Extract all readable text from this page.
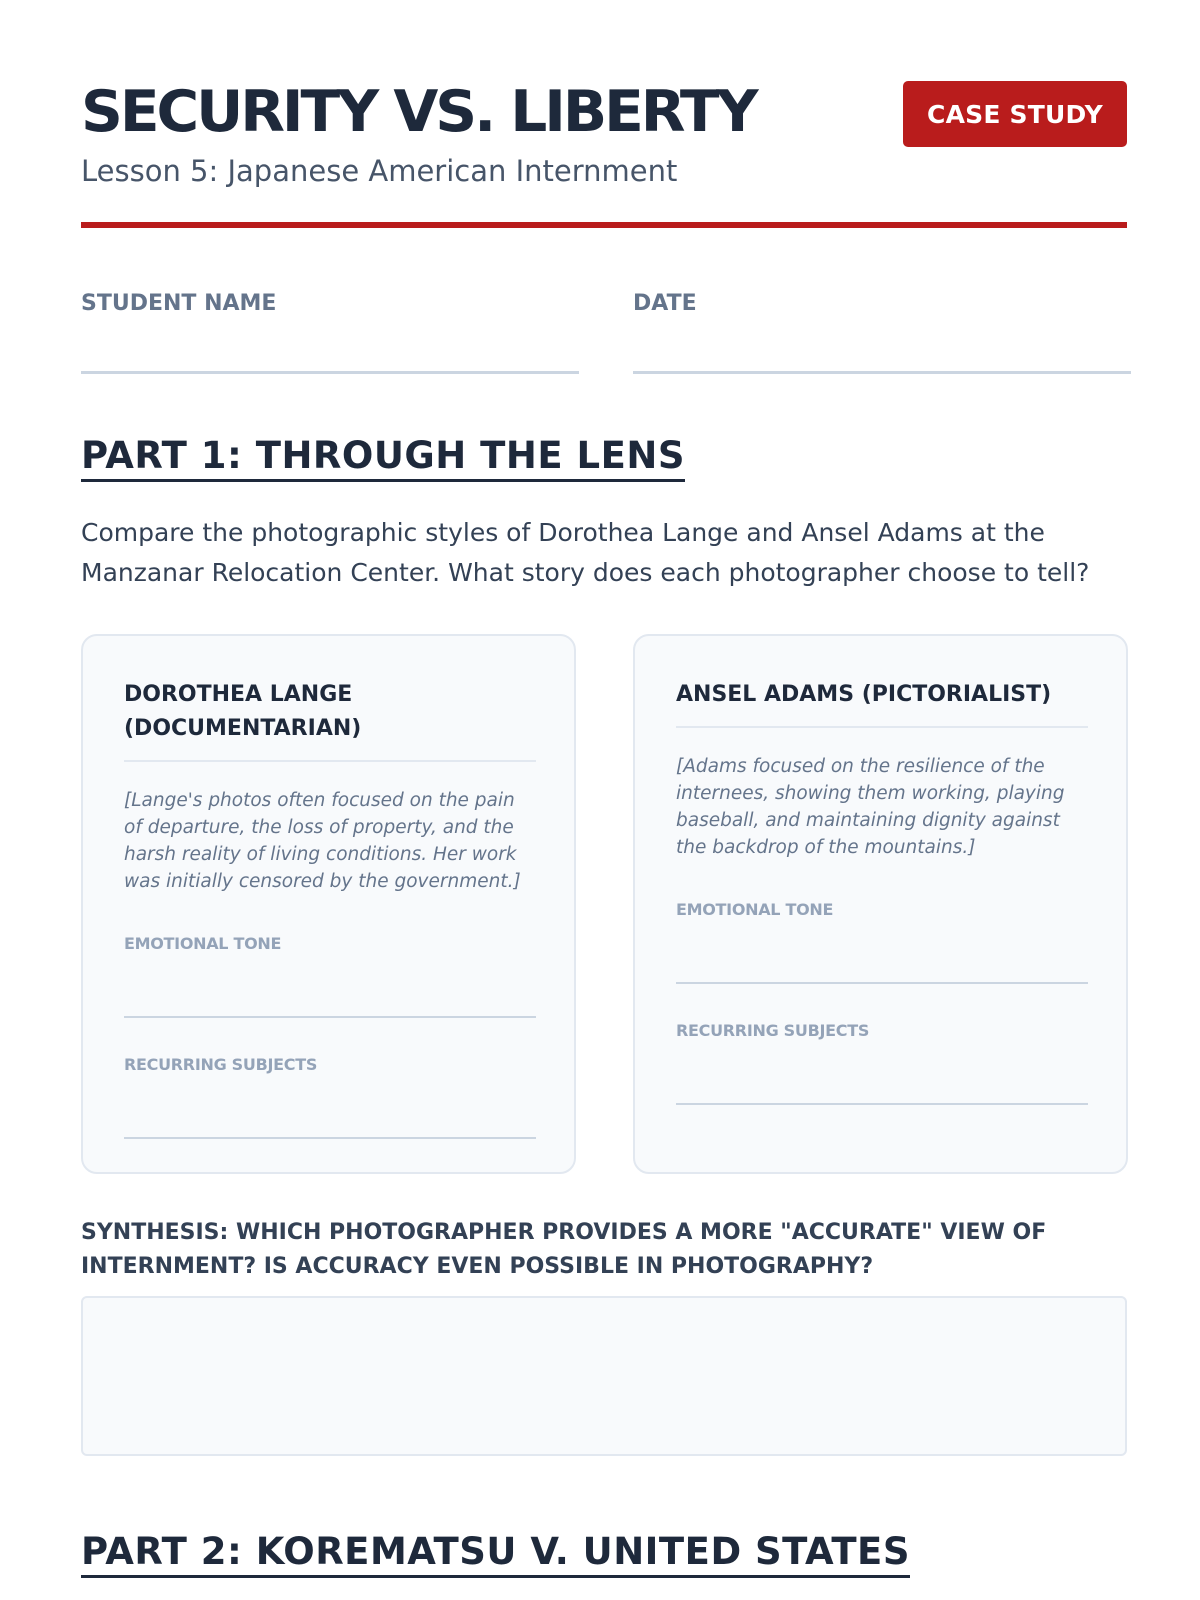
SECURITY VS. LIBERTY
Lesson 5: Japanese American Internment
CASE STUDY
STUDENT NAME	DATE
PART 1: THROUGH THE LENS
Compare the photographic styles of Dorothea Lange and Ansel Adams at the Manzanar Relocation Center. What story does each photographer choose to tell?
DOROTHEA LANGE (DOCUMENTARIAN)
[Lange's photos often focused on the pain of departure, the loss of property, and the harsh reality of living conditions. Her work was initially censored by the government.]
EMOTIONAL TONE
RECURRING SUBJECTS
ANSEL ADAMS (PICTORIALIST)
[Adams focused on the resilience of the internees, showing them working, playing baseball, and maintaining dignity against the backdrop of the mountains.]
EMOTIONAL TONE
RECURRING SUBJECTS
SYNTHESIS: WHICH PHOTOGRAPHER PROVIDES A MORE "ACCURATE" VIEW OF INTERNMENT? IS ACCURACY EVEN POSSIBLE IN PHOTOGRAPHY?
PART 2: KOREMATSU V. UNITED STATES
